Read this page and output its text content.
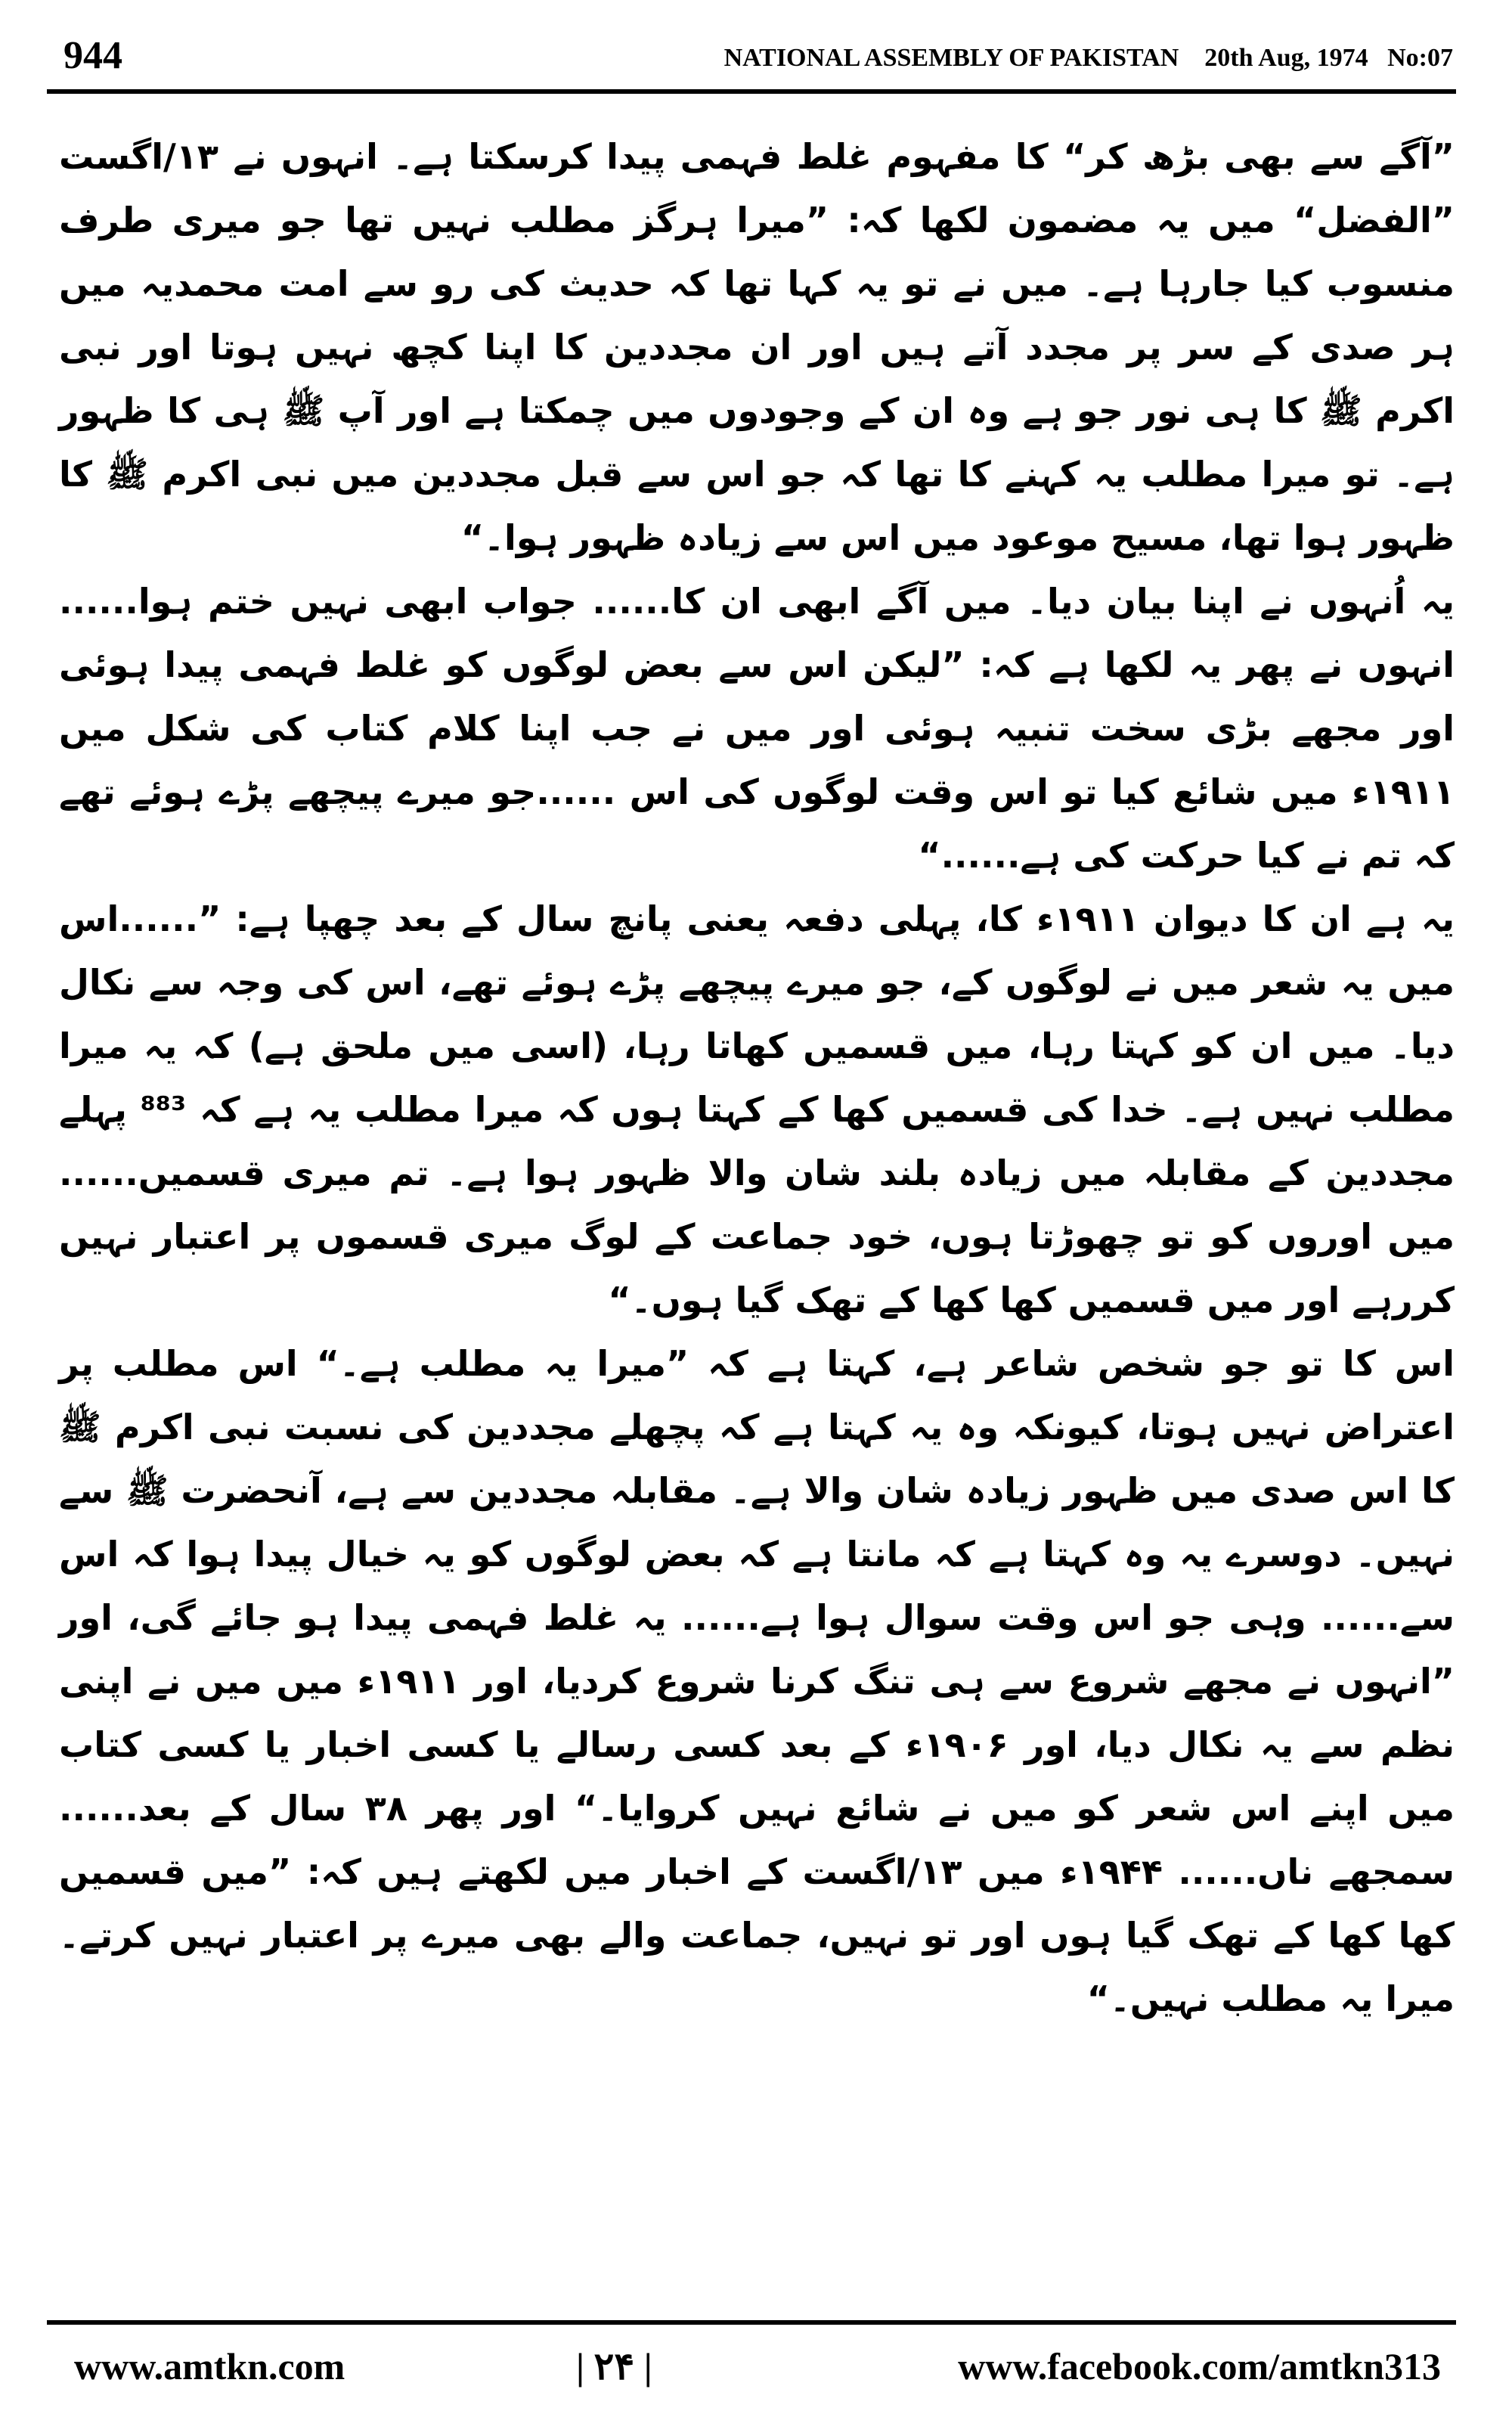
944	NATIONAL ASSEMBLY OF PAKISTAN    20th Aug, 1974   No:07

”آگے سے بھی بڑھ کر“ کا مفہوم غلط فہمی پیدا کرسکتا ہے۔ انہوں نے ۱۳/اگست ”الفضل“ میں یہ مضمون لکھا کہ: ”میرا ہرگز مطلب نہیں تھا جو میری طرف منسوب کیا جارہا ہے۔ میں نے تو یہ کہا تھا کہ حدیث کی رو سے امت محمدیہ میں ہر صدی کے سر پر مجدد آتے ہیں اور ان مجددین کا اپنا کچھ نہیں ہوتا اور نبی اکرم ﷺ کا ہی نور جو ہے وہ ان کے وجودوں میں چمکتا ہے اور آپ ﷺ ہی کا ظہور ہے۔ تو میرا مطلب یہ کہنے کا تھا کہ جو اس سے قبل مجددین میں نبی اکرم ﷺ کا ظہور ہوا تھا، مسیح موعود میں اس سے زیادہ ظہور ہوا۔“

یہ اُنہوں نے اپنا بیان دیا۔ میں آگے ابھی ان کا...... جواب ابھی نہیں ختم ہوا...... انہوں نے پھر یہ لکھا ہے کہ: ”لیکن اس سے بعض لوگوں کو غلط فہمی پیدا ہوئی اور مجھے بڑی سخت تنبیہ ہوئی اور میں نے جب اپنا کلام کتاب کی شکل میں ۱۹۱۱ء میں شائع کیا تو اس وقت لوگوں کی اس ......جو میرے پیچھے پڑے ہوئے تھے کہ تم نے کیا حرکت کی ہے......“

یہ ہے ان کا دیوان ۱۹۱۱ء کا، پہلی دفعہ یعنی پانچ سال کے بعد چھپا ہے: ”......اس میں یہ شعر میں نے لوگوں کے، جو میرے پیچھے پڑے ہوئے تھے، اس کی وجہ سے نکال دیا۔ میں ان کو کہتا رہا، میں قسمیں کھاتا رہا، (اسی میں ملحق ہے) کہ یہ میرا مطلب نہیں ہے۔ خدا کی قسمیں کھا کے کہتا ہوں کہ میرا مطلب یہ ہے کہ ⁸⁸³ پہلے مجددین کے مقابلہ میں زیادہ بلند شان والا ظہور ہوا ہے۔ تم میری قسمیں...... میں اوروں کو تو چھوڑتا ہوں، خود جماعت کے لوگ میری قسموں پر اعتبار نہیں کررہے اور میں قسمیں کھا کھا کے تھک گیا ہوں۔“

اس کا تو جو شخص شاعر ہے، کہتا ہے کہ ”میرا یہ مطلب ہے۔“ اس مطلب پر اعتراض نہیں ہوتا، کیونکہ وہ یہ کہتا ہے کہ پچھلے مجددین کی نسبت نبی اکرم ﷺ کا اس صدی میں ظہور زیادہ شان والا ہے۔ مقابلہ مجددین سے ہے، آنحضرت ﷺ سے نہیں۔ دوسرے یہ وہ کہتا ہے کہ مانتا ہے کہ بعض لوگوں کو یہ خیال پیدا ہوا کہ اس سے...... وہی جو اس وقت سوال ہوا ہے...... یہ غلط فہمی پیدا ہو جائے گی، اور ”انہوں نے مجھے شروع سے ہی تنگ کرنا شروع کردیا، اور ۱۹۱۱ء میں میں نے اپنی نظم سے یہ نکال دیا، اور ۱۹۰۶ء کے بعد کسی رسالے یا کسی اخبار یا کسی کتاب میں اپنے اس شعر کو میں نے شائع نہیں کروایا۔“ اور پھر ۳۸ سال کے بعد...... سمجھے ناں...... ۱۹۴۴ء میں ۱۳/اگست کے اخبار میں لکھتے ہیں کہ: ”میں قسمیں کھا کھا کے تھک گیا ہوں اور تو نہیں، جماعت والے بھی میرے پر اعتبار نہیں کرتے۔ میرا یہ مطلب نہیں۔“

www.amtkn.com	| ۲۴ |	www.facebook.com/amtkn313
